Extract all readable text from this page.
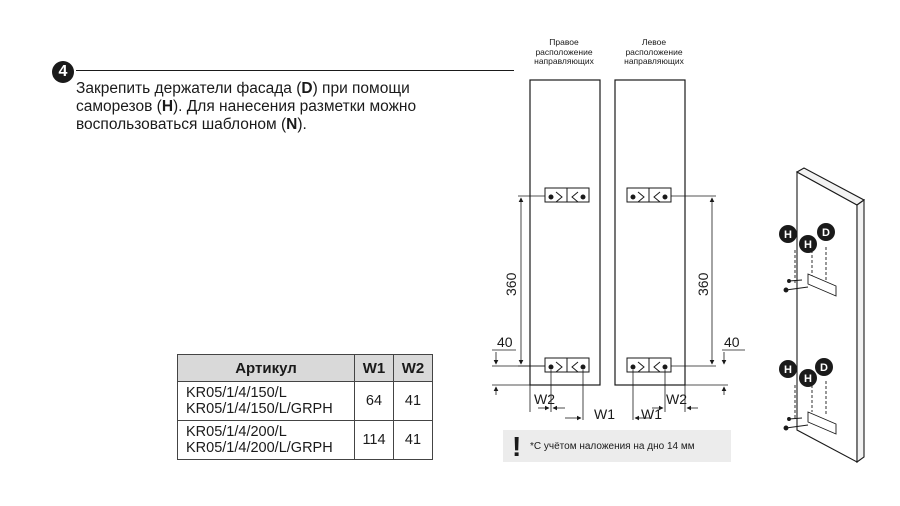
4
Закрепить держатели фасада (D) при помощи
саморезов (H). Для нанесения разметки можно
воспользоваться шаблоном (N).
Правое
расположение
направляющих
Левое
расположение
направляющих
360	360
40	40
W2
W1 W1
W2
H
H
D
H
H
D
Артикул	W1	W2

KR05/1/4/150/L
KR05/1/4/150/L/GRPH	64	41

KR05/1/4/200/L
KR05/1/4/200/L/GRPH	114	41	! *С учётом наложения на дно 14 мм
